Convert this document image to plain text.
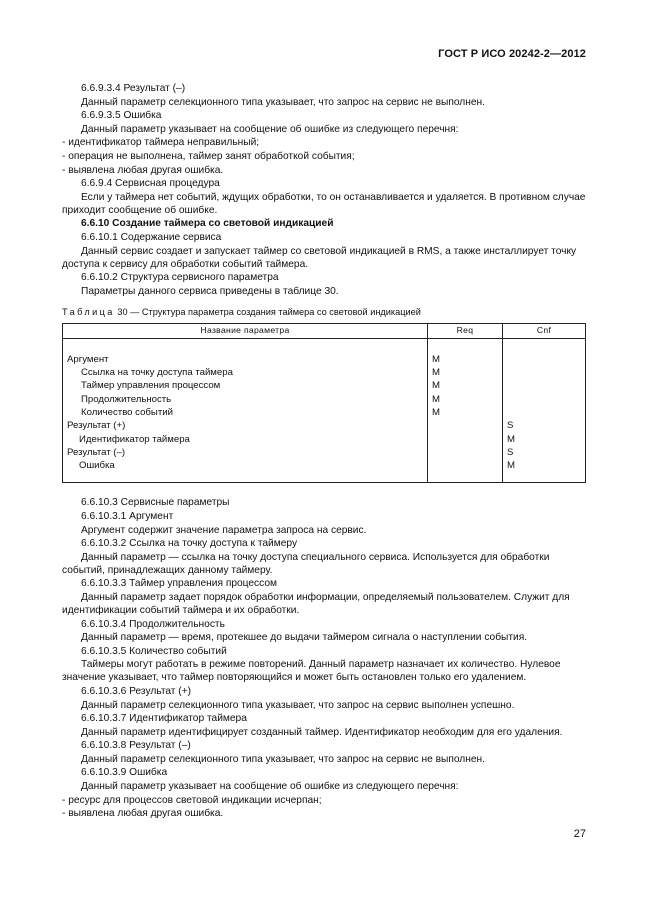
ГОСТ Р ИСО 20242-2—2012

6.6.9.3.4 Результат (–)

Данный параметр селекционного типа указывает, что запрос на сервис не выполнен.

6.6.9.3.5 Ошибка

Данный параметр указывает на сообщение об ошибке из следующего перечня:

- идентификатор таймера неправильный;

- операция не выполнена, таймер занят обработкой события;

- выявлена любая другая ошибка.

6.6.9.4 Сервисная процедура

Если у таймера нет событий, ждущих обработки, то он останавливается и удаляется. В противном случае приходит сообщение об ошибке.

6.6.10 Создание таймера со световой индикацией

6.6.10.1 Содержание сервиса

Данный сервис создает и запускает таймер со световой индикацией в RMS, а также инсталлирует точку доступа к сервису для обработки событий таймера.

6.6.10.2 Структура сервисного параметра

Параметры данного сервиса приведены в таблице 30.

Таблица 30 — Структура параметра создания таймера со световой индикацией
Название параметра	Req	Cnf
Аргумент	M	
Ссылка на точку доступа таймера	M	
Таймер управления процессом	M	
Продолжительность	M	
Количество событий	M	
Результат (+)		S
Идентификатор таймера		M
Результат (–)		S
Ошибка		M

6.6.10.3 Сервисные параметры

6.6.10.3.1 Аргумент

Аргумент содержит значение параметра запроса на сервис.

6.6.10.3.2 Ссылка на точку доступа к таймеру

Данный параметр — ссылка на точку доступа специального сервиса. Используется для обработки событий, принадлежащих данному таймеру.

6.6.10.3.3 Таймер управления процессом

Данный параметр задает порядок обработки информации, определяемый пользователем. Служит для идентификации событий таймера и их обработки.

6.6.10.3.4 Продолжительность

Данный параметр — время, протекшее до выдачи таймером сигнала о наступлении события.

6.6.10.3.5 Количество событий

Таймеры могут работать в режиме повторений. Данный параметр назначает их количество. Нулевое значение указывает, что таймер повторяющийся и может быть остановлен только его удалением.

6.6.10.3.6 Результат (+)

Данный параметр селекционного типа указывает, что запрос на сервис выполнен успешно.

6.6.10.3.7 Идентификатор таймера

Данный параметр идентифицирует созданный таймер. Идентификатор необходим для его удаления.

6.6.10.3.8 Результат (–)

Данный параметр селекционного типа указывает, что запрос на сервис не выполнен.

6.6.10.3.9 Ошибка

Данный параметр указывает на сообщение об ошибке из следующего перечня:

- ресурс для процессов световой индикации исчерпан;

- выявлена любая другая ошибка.

27
